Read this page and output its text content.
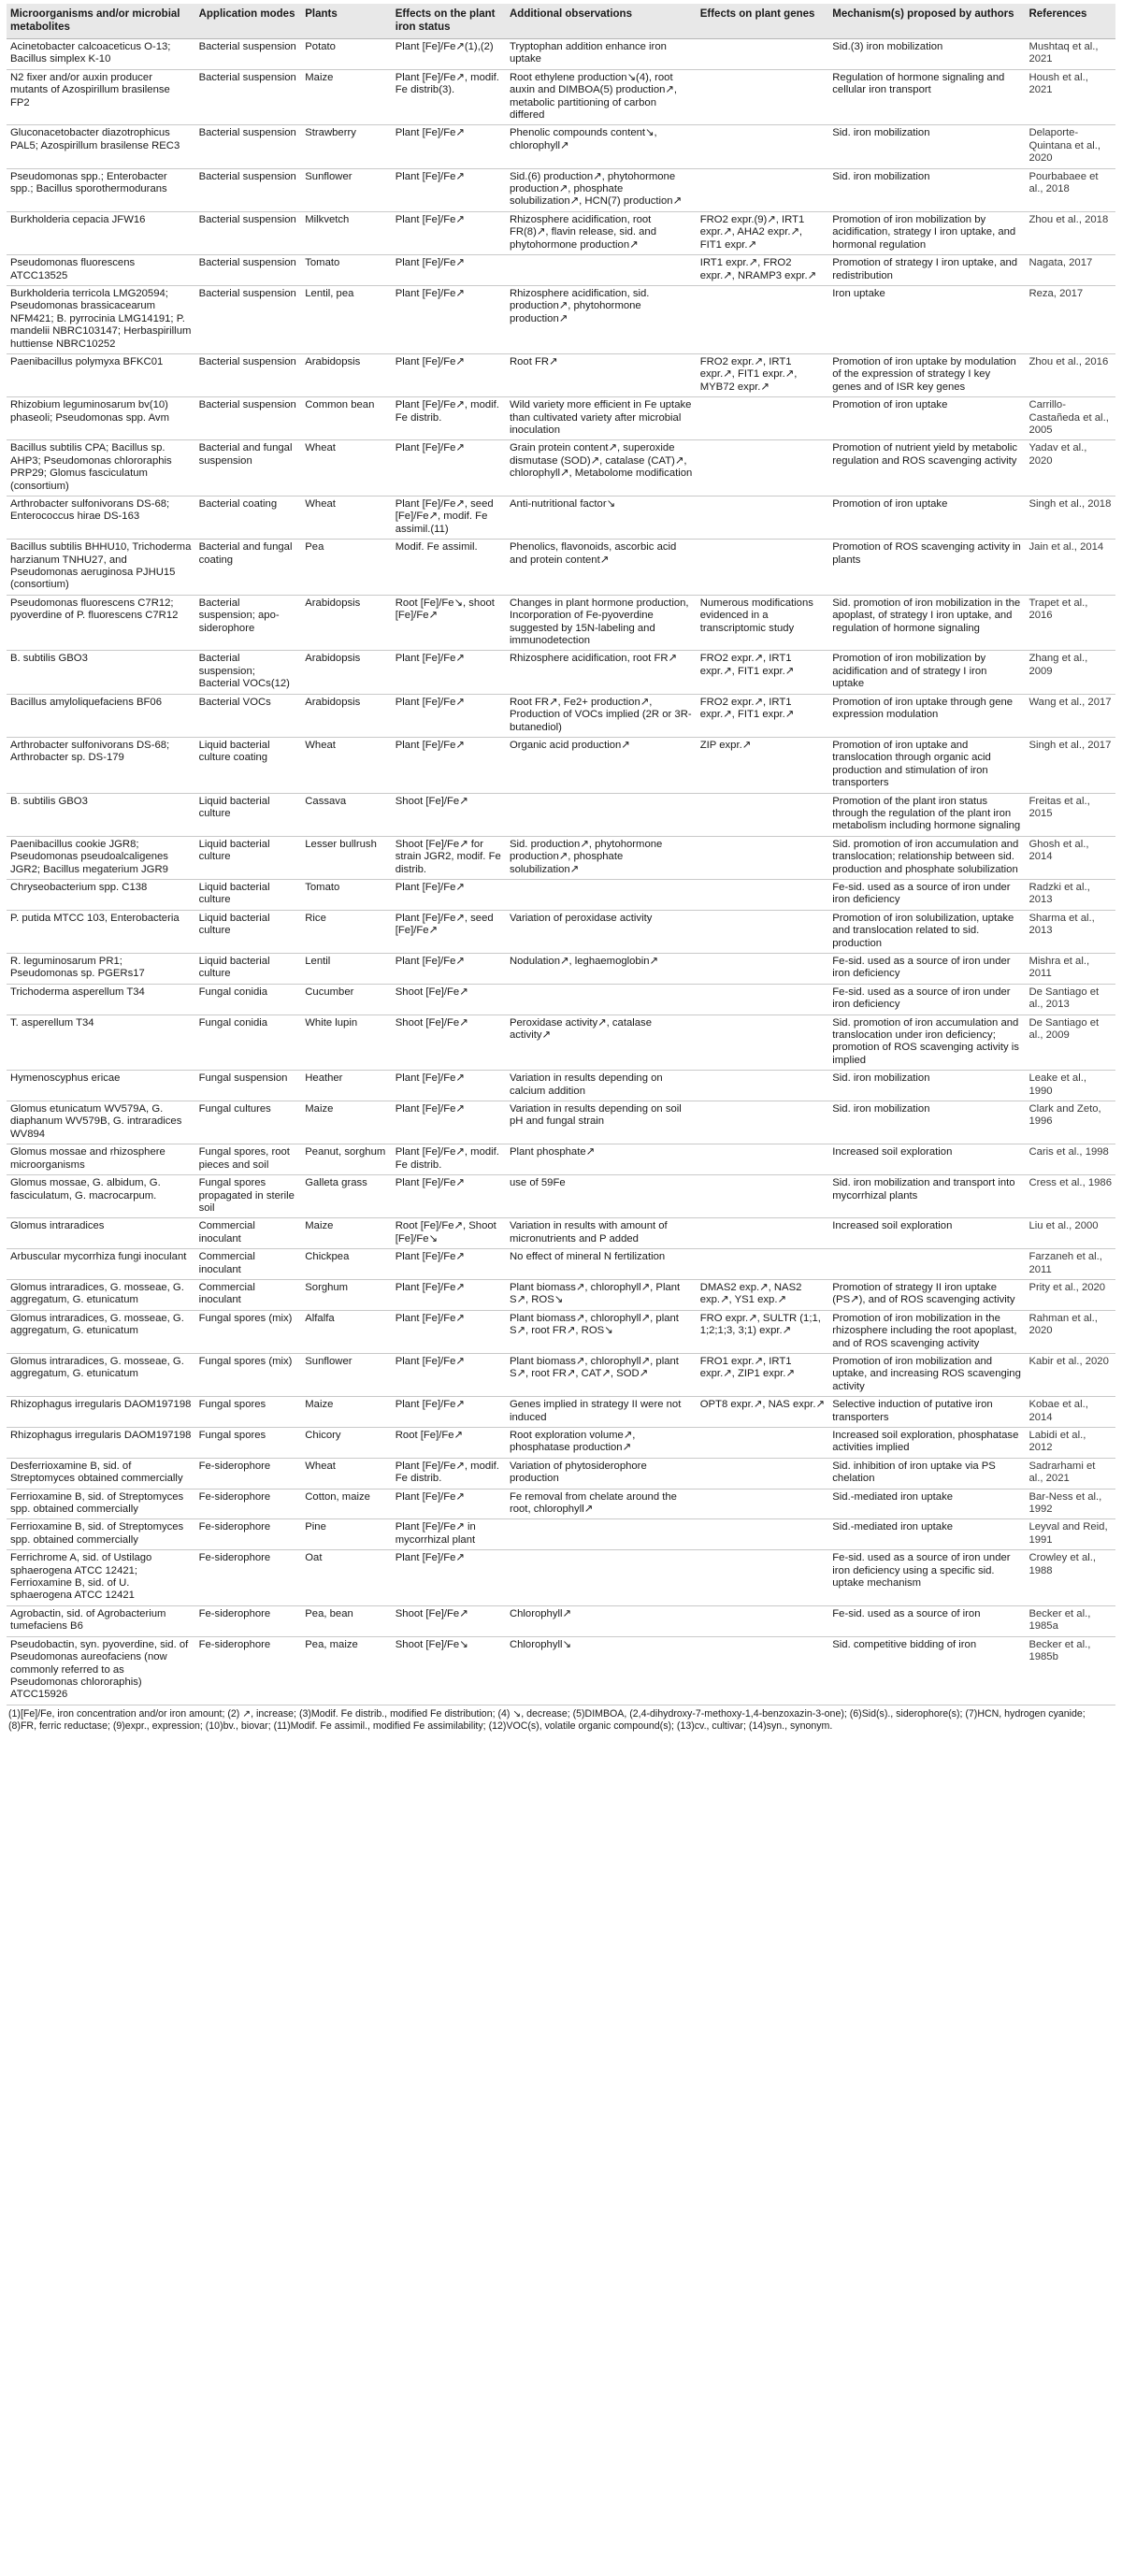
Microorganisms and/or microbial metabolites	Application modes	Plants	Effects on the plant iron status	Additional observations	Effects on plant genes	Mechanism(s) proposed by authors	References
Acinetobacter calcoaceticus O-13; Bacillus simplex K-10	Bacterial suspension	Potato	Plant [Fe]/Fe↗(1),(2)	Tryptophan addition enhance iron uptake		Sid.(3) iron mobilization	Mushtaq et al., 2021
N2 fixer and/or auxin producer mutants of Azospirillum brasilense FP2	Bacterial suspension	Maize	Plant [Fe]/Fe↗, modif. Fe distrib(3).	Root ethylene production↘(4), root auxin and DIMBOA(5) production↗, metabolic partitioning of carbon differed		Regulation of hormone signaling and cellular iron transport	Housh et al., 2021
Gluconacetobacter diazotrophicus PAL5; Azospirillum brasilense REC3	Bacterial suspension	Strawberry	Plant [Fe]/Fe↗	Phenolic compounds content↘, chlorophyll↗		Sid. iron mobilization	Delaporte-Quintana et al., 2020
Pseudomonas spp.; Enterobacter spp.; Bacillus sporothermodurans	Bacterial suspension	Sunflower	Plant [Fe]/Fe↗	Sid.(6) production↗, phytohormone production↗, phosphate solubilization↗, HCN(7) production↗		Sid. iron mobilization	Pourbabaee et al., 2018
Burkholderia cepacia JFW16	Bacterial suspension	Milkvetch	Plant [Fe]/Fe↗	Rhizosphere acidification, root FR(8)↗, flavin release, sid. and phytohormone production↗	FRO2 expr.(9)↗, IRT1 expr.↗, AHA2 expr.↗, FIT1 expr.↗	Promotion of iron mobilization by acidification, strategy I iron uptake, and hormonal regulation	Zhou et al., 2018
Pseudomonas fluorescens ATCC13525	Bacterial suspension	Tomato	Plant [Fe]/Fe↗		IRT1 expr.↗, FRO2 expr.↗, NRAMP3 expr.↗	Promotion of strategy I iron uptake, and redistribution	Nagata, 2017
Burkholderia terricola LMG20594; Pseudomonas brassicacearum NFM421; B. pyrrocinia LMG14191; P. mandelii NBRC103147; Herbaspirillum huttiense NBRC10252	Bacterial suspension	Lentil, pea	Plant [Fe]/Fe↗	Rhizosphere acidification, sid. production↗, phytohormone production↗		Iron uptake	Reza, 2017
Paenibacillus polymyxa BFKC01	Bacterial suspension	Arabidopsis	Plant [Fe]/Fe↗	Root FR↗	FRO2 expr.↗, IRT1 expr.↗, FIT1 expr.↗, MYB72 expr.↗	Promotion of iron uptake by modulation of the expression of strategy I key genes and of ISR key genes	Zhou et al., 2016
Rhizobium leguminosarum bv(10) phaseoli; Pseudomonas spp. Avm	Bacterial suspension	Common bean	Plant [Fe]/Fe↗, modif. Fe distrib.	Wild variety more efficient in Fe uptake than cultivated variety after microbial inoculation		Promotion of iron uptake	Carrillo-Castañeda et al., 2005
Bacillus subtilis CPA; Bacillus sp. AHP3; Pseudomonas chlororaphis PRP29; Glomus fasciculatum (consortium)	Bacterial and fungal suspension	Wheat	Plant [Fe]/Fe↗	Grain protein content↗, superoxide dismutase (SOD)↗, catalase (CAT)↗, chlorophyll↗, Metabolome modification		Promotion of nutrient yield by metabolic regulation and ROS scavenging activity	Yadav et al., 2020
Arthrobacter sulfonivorans DS-68; Enterococcus hirae DS-163	Bacterial coating	Wheat	Plant [Fe]/Fe↗, seed [Fe]/Fe↗, modif. Fe assimil.(11)	Anti-nutritional factor↘		Promotion of iron uptake	Singh et al., 2018
Bacillus subtilis BHHU10, Trichoderma harzianum TNHU27, and Pseudomonas aeruginosa PJHU15 (consortium)	Bacterial and fungal coating	Pea	Modif. Fe assimil.	Phenolics, flavonoids, ascorbic acid and protein content↗		Promotion of ROS scavenging activity in plants	Jain et al., 2014
Pseudomonas fluorescens C7R12; pyoverdine of P. fluorescens C7R12	Bacterial suspension; apo-siderophore	Arabidopsis	Root [Fe]/Fe↘, shoot [Fe]/Fe↗	Changes in plant hormone production, Incorporation of Fe-pyoverdine suggested by 15N-labeling and immunodetection	Numerous modifications evidenced in a transcriptomic study	Sid. promotion of iron mobilization in the apoplast, of strategy I iron uptake, and regulation of hormone signaling	Trapet et al., 2016
B. subtilis GBO3	Bacterial suspension; Bacterial VOCs(12)	Arabidopsis	Plant [Fe]/Fe↗	Rhizosphere acidification, root FR↗	FRO2 expr.↗, IRT1 expr.↗, FIT1 expr.↗	Promotion of iron mobilization by acidification and of strategy I iron uptake	Zhang et al., 2009
Bacillus amyloliquefaciens BF06	Bacterial VOCs	Arabidopsis	Plant [Fe]/Fe↗	Root FR↗, Fe2+ production↗, Production of VOCs implied (2R or 3R-butanediol)	FRO2 expr.↗, IRT1 expr.↗, FIT1 expr.↗	Promotion of iron uptake through gene expression modulation	Wang et al., 2017
Arthrobacter sulfonivorans DS-68; Arthrobacter sp. DS-179	Liquid bacterial culture coating	Wheat	Plant [Fe]/Fe↗	Organic acid production↗	ZIP expr.↗	Promotion of iron uptake and translocation through organic acid production and stimulation of iron transporters	Singh et al., 2017
B. subtilis GBO3	Liquid bacterial culture	Cassava	Shoot [Fe]/Fe↗			Promotion of the plant iron status through the regulation of the plant iron metabolism including hormone signaling	Freitas et al., 2015
Paenibacillus cookie JGR8; Pseudomonas pseudoalcaligenes JGR2; Bacillus megaterium JGR9	Liquid bacterial culture	Lesser bullrush	Shoot [Fe]/Fe↗ for strain JGR2, modif. Fe distrib.	Sid. production↗, phytohormone production↗, phosphate solubilization↗		Sid. promotion of iron accumulation and translocation; relationship between sid. production and phosphate solubilization	Ghosh et al., 2014
Chryseobacterium spp. C138	Liquid bacterial culture	Tomato	Plant [Fe]/Fe↗			Fe-sid. used as a source of iron under iron deficiency	Radzki et al., 2013
P. putida MTCC 103, Enterobacteria	Liquid bacterial culture	Rice	Plant [Fe]/Fe↗, seed [Fe]/Fe↗	Variation of peroxidase activity		Promotion of iron solubilization, uptake and translocation related to sid. production	Sharma et al., 2013
R. leguminosarum PR1; Pseudomonas sp. PGERs17	Liquid bacterial culture	Lentil	Plant [Fe]/Fe↗	Nodulation↗, leghaemoglobin↗		Fe-sid. used as a source of iron under iron deficiency	Mishra et al., 2011
Trichoderma asperellum T34	Fungal conidia	Cucumber	Shoot [Fe]/Fe↗			Fe-sid. used as a source of iron under iron deficiency	De Santiago et al., 2013
T. asperellum T34	Fungal conidia	White lupin	Shoot [Fe]/Fe↗	Peroxidase activity↗, catalase activity↗		Sid. promotion of iron accumulation and translocation under iron deficiency; promotion of ROS scavenging activity is implied	De Santiago et al., 2009
Hymenoscyphus ericae	Fungal suspension	Heather	Plant [Fe]/Fe↗	Variation in results depending on calcium addition		Sid. iron mobilization	Leake et al., 1990
Glomus etunicatum WV579A, G. diaphanum WV579B, G. intraradices WV894	Fungal cultures	Maize	Plant [Fe]/Fe↗	Variation in results depending on soil pH and fungal strain		Sid. iron mobilization	Clark and Zeto, 1996
Glomus mossae and rhizosphere microorganisms	Fungal spores, root pieces and soil	Peanut, sorghum	Plant [Fe]/Fe↗, modif. Fe distrib.	Plant phosphate↗		Increased soil exploration	Caris et al., 1998
Glomus mossae, G. albidum, G. fasciculatum, G. macrocarpum.	Fungal spores propagated in sterile soil	Galleta grass	Plant [Fe]/Fe↗	use of 59Fe		Sid. iron mobilization and transport into mycorrhizal plants	Cress et al., 1986
Glomus intraradices	Commercial inoculant	Maize	Root [Fe]/Fe↗, Shoot [Fe]/Fe↘	Variation in results with amount of micronutrients and P added		Increased soil exploration	Liu et al., 2000
Arbuscular mycorrhiza fungi inoculant	Commercial inoculant	Chickpea	Plant [Fe]/Fe↗	No effect of mineral N fertilization			Farzaneh et al., 2011
Glomus intraradices, G. mosseae, G. aggregatum, G. etunicatum	Commercial inoculant	Sorghum	Plant [Fe]/Fe↗	Plant biomass↗, chlorophyll↗, Plant S↗, ROS↘	DMAS2 exp.↗, NAS2 exp.↗, YS1 exp.↗	Promotion of strategy II iron uptake (PS↗), and of ROS scavenging activity	Prity et al., 2020
Glomus intraradices, G. mosseae, G. aggregatum, G. etunicatum	Fungal spores (mix)	Alfalfa	Plant [Fe]/Fe↗	Plant biomass↗, chlorophyll↗, plant S↗, root FR↗, ROS↘	FRO expr.↗, SULTR (1;1, 1;2;1;3, 3;1) expr.↗	Promotion of iron mobilization in the rhizosphere including the root apoplast, and of ROS scavenging activity	Rahman et al., 2020
Glomus intraradices, G. mosseae, G. aggregatum, G. etunicatum	Fungal spores (mix)	Sunflower	Plant [Fe]/Fe↗	Plant biomass↗, chlorophyll↗, plant S↗, root FR↗, CAT↗, SOD↗	FRO1 expr.↗, IRT1 expr.↗, ZIP1 expr.↗	Promotion of iron mobilization and uptake, and increasing ROS scavenging activity	Kabir et al., 2020
Rhizophagus irregularis DAOM197198	Fungal spores	Maize	Plant [Fe]/Fe↗	Genes implied in strategy II were not induced	OPT8 expr.↗, NAS expr.↗	Selective induction of putative iron transporters	Kobae et al., 2014
Rhizophagus irregularis DAOM197198	Fungal spores	Chicory	Root [Fe]/Fe↗	Root exploration volume↗, phosphatase production↗		Increased soil exploration, phosphatase activities implied	Labidi et al., 2012
Desferrioxamine B, sid. of Streptomyces obtained commercially	Fe-siderophore	Wheat	Plant [Fe]/Fe↗, modif. Fe distrib.	Variation of phytosiderophore production		Sid. inhibition of iron uptake via PS chelation	Sadrarhami et al., 2021
Ferrioxamine B, sid. of Streptomyces spp. obtained commercially	Fe-siderophore	Cotton, maize	Plant [Fe]/Fe↗	Fe removal from chelate around the root, chlorophyll↗		Sid.-mediated iron uptake	Bar-Ness et al., 1992
Ferrioxamine B, sid. of Streptomyces spp. obtained commercially	Fe-siderophore	Pine	Plant [Fe]/Fe↗ in mycorrhizal plant			Sid.-mediated iron uptake	Leyval and Reid, 1991
Ferrichrome A, sid. of Ustilago sphaerogena ATCC 12421; Ferrioxamine B, sid. of U. sphaerogena ATCC 12421	Fe-siderophore	Oat	Plant [Fe]/Fe↗			Fe-sid. used as a source of iron under iron deficiency using a specific sid. uptake mechanism	Crowley et al., 1988
Agrobactin, sid. of Agrobacterium tumefaciens B6	Fe-siderophore	Pea, bean	Shoot [Fe]/Fe↗	Chlorophyll↗		Fe-sid. used as a source of iron	Becker et al., 1985a
Pseudobactin, syn. pyoverdine, sid. of Pseudomonas aureofaciens (now commonly referred to as Pseudomonas chlororaphis) ATCC15926	Fe-siderophore	Pea, maize	Shoot [Fe]/Fe↘	Chlorophyll↘		Sid. competitive bidding of iron	Becker et al., 1985b
(1)[Fe]/Fe, iron concentration and/or iron amount; (2) ↗, increase; (3)Modif. Fe distrib., modified Fe distribution; (4) ↘, decrease; (5)DIMBOA, (2,4-dihydroxy-7-methoxy-1,4-benzoxazin-3-one); (6)Sid(s)., siderophore(s); (7)HCN, hydrogen cyanide; (8)FR, ferric reductase; (9)expr., expression; (10)bv., biovar; (11)Modif. Fe assimil., modified Fe assimilability; (12)VOC(s), volatile organic compound(s); (13)cv., cultivar; (14)syn., synonym.
